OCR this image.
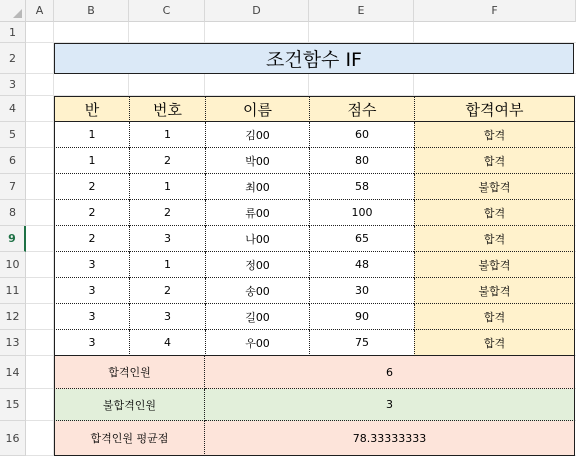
A	B	C	D	E	F
1
2
3
4
5
6
7
8
9
10
11
12
13
14
15
16
조건함수 IF
반	번호	이름	점수	합격여부
1	1	김00	60	합격
1	2	박00	80	합격
2	1	최00	58	불합격
2	2	류00	100	합격
2	3	나00	65	합격
3	1	정00	48	불합격
3	2	송00	30	불합격
3	3	길00	90	합격
3	4	우00	75	합격
합격인원	6
불합격인원	3
합격인원 평균점	78.33333333
